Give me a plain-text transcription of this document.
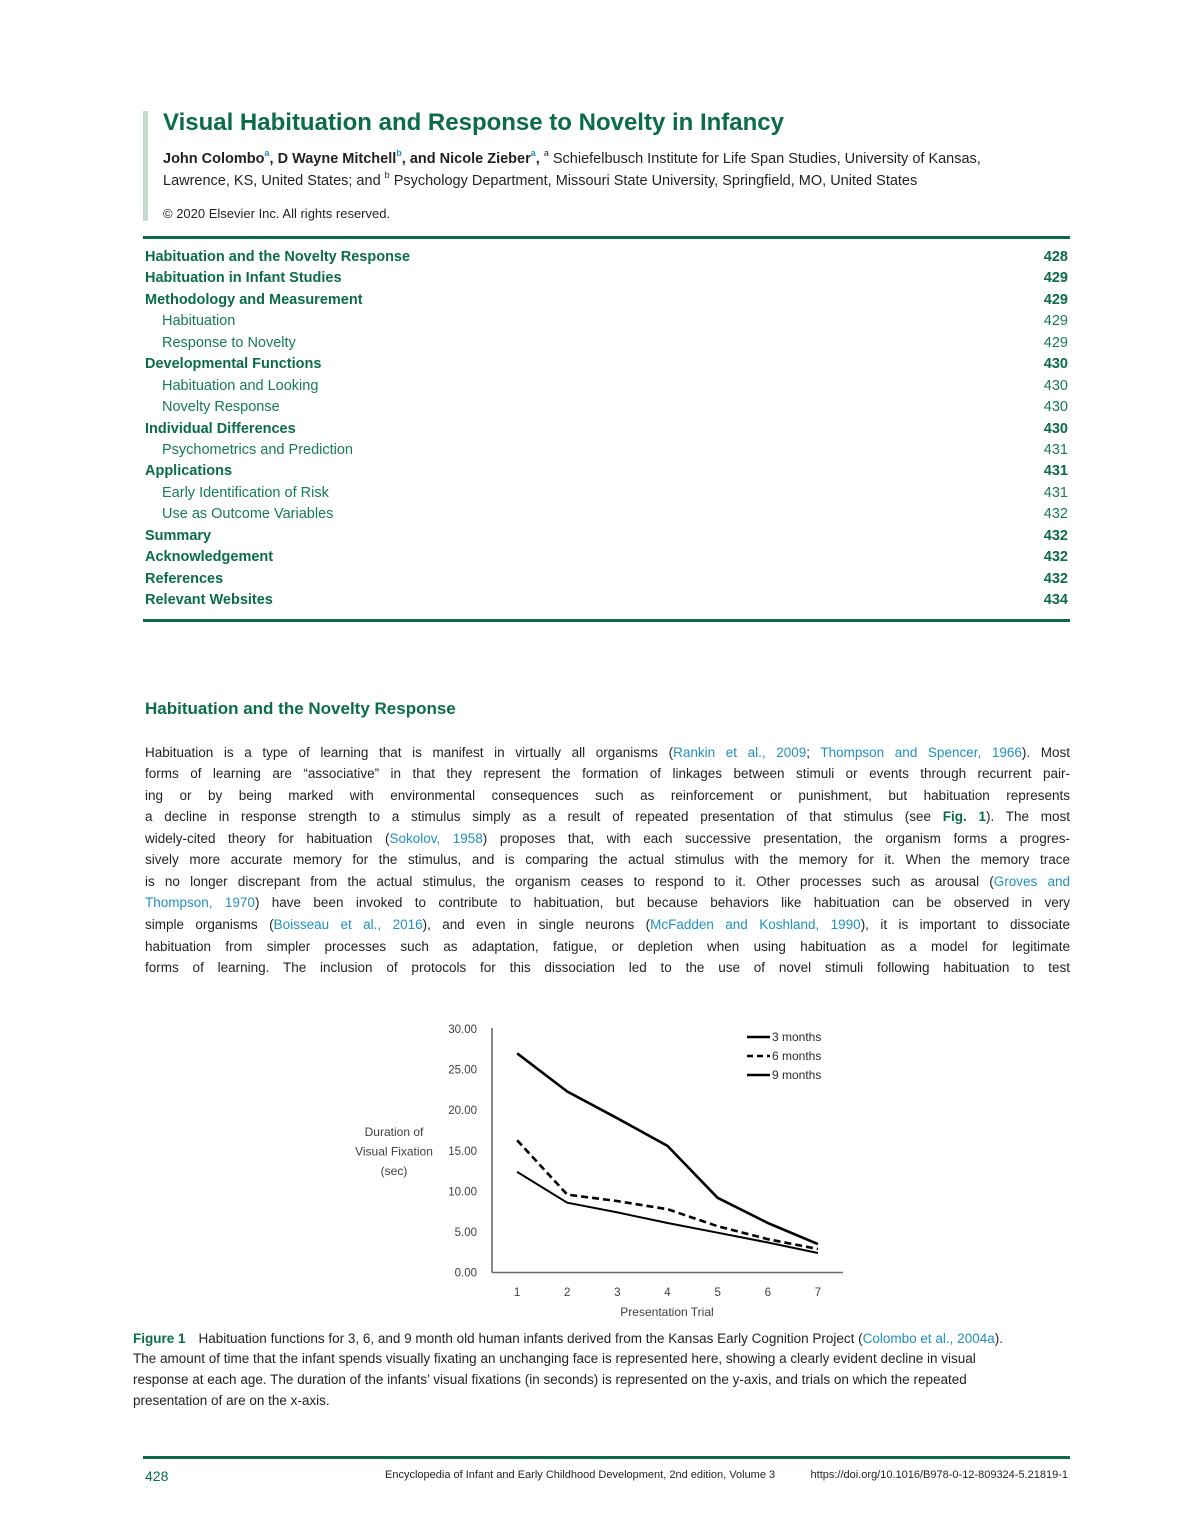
Visual Habituation and Response to Novelty in Infancy
John Colombo$^a$, D Wayne Mitchell$^b$, and Nicole Zieber$^a$, $^a$ Schiefelbusch Institute for Life Span Studies, University of Kansas,
Lawrence, KS, United States; and $^b$ Psychology Department, Missouri State University, Springfield, MO, United States
© 2020 Elsevier Inc. All rights reserved.
Habituation and the Novelty Response	428
Habituation in Infant Studies	429
Methodology and Measurement	429
Habituation	429
Response to Novelty	429
Developmental Functions	430
Habituation and Looking	430
Novelty Response	430
Individual Differences	430
Psychometrics and Prediction	431
Applications	431
Early Identification of Risk	431
Use as Outcome Variables	432
Summary	432
Acknowledgement	432
References	432
Relevant Websites	434
Habituation and the Novelty Response
Habituation is a type of learning that is manifest in virtually all organisms (Rankin et al., 2009; Thompson and Spencer, 1966). Most
forms of learning are “associative” in that they represent the formation of linkages between stimuli or events through recurrent pair-
ing or by being marked with environmental consequences such as reinforcement or punishment, but habituation represents
a decline in response strength to a stimulus simply as a result of repeated presentation of that stimulus (see Fig. 1). The most
widely-cited theory for habituation (Sokolov, 1958) proposes that, with each successive presentation, the organism forms a progres-
sively more accurate memory for the stimulus, and is comparing the actual stimulus with the memory for it. When the memory trace
is no longer discrepant from the actual stimulus, the organism ceases to respond to it. Other processes such as arousal (Groves and
Thompson, 1970) have been invoked to contribute to habituation, but because behaviors like habituation can be observed in very
simple organisms (Boisseau et al., 2016), and even in single neurons (McFadden and Koshland, 1990), it is important to dissociate
habituation from simpler processes such as adaptation, fatigue, or depletion when using habituation as a model for legitimate
forms of learning. The inclusion of protocols for this dissociation led to the use of novel stimuli following habituation to test
0.00
5.00
10.00
15.00
20.00
25.00
30.00
1	2	3	4	5	6	7
Duration of
Visual Fixation
(sec)
Presentation Trial
3 months
6 months
9 months
Figure 1 Habituation functions for 3, 6, and 9 month old human infants derived from the Kansas Early Cognition Project (Colombo et al., 2004a).
The amount of time that the infant spends visually fixating an unchanging face is represented here, showing a clearly evident decline in visual
response at each age. The duration of the infants’ visual fixations (in seconds) is represented on the y-axis, and trials on which the repeated
presentation of are on the x-axis.
428	Encyclopedia of Infant and Early Childhood Development, 2nd edition, Volume 3	https://doi.org/10.1016/B978-0-12-809324-5.21819-1
